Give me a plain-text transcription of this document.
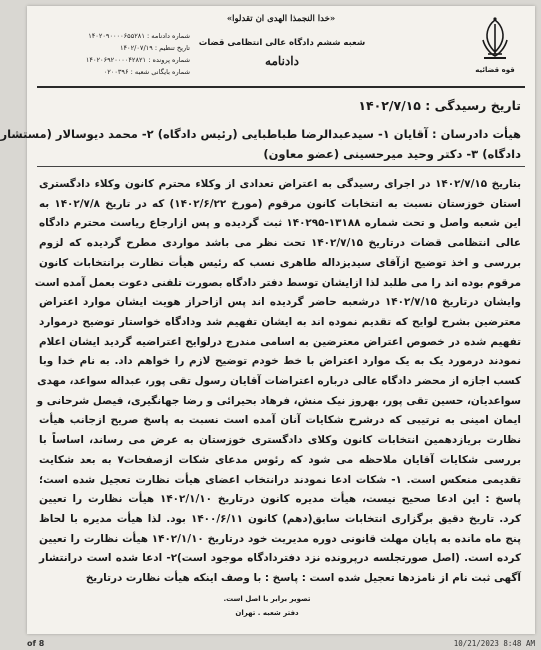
«خدا النجمذا الهدی ان تقدلوا»
قوه قضائیه
شعبه ششم دادگاه عالی انتظامی قضات
دادنامه
شماره دادنامه : ۱۴۰۲۰۹۰۰۰۰۶۵۵۲۸۱
تاریخ تنظیم : ۱۴۰۲/۰۷/۱۹
شماره پرونده : ۱۴۰۲۰۶۹۲۰۰۰۰۴۲۸۲۱
شماره بایگانی شعبه : ۰۲۰۰۳۹۶
تاریخ رسیدگی : ۱۴۰۲/۷/۱۵
هیأت دادرسان : آقایان ۱- سیدعبدالرضا طباطبایی (رئیس دادگاه) ۲- محمد دیوسالار (مستشار
دادگاه) ۳- دکتر وحید میرحسینی (عضو معاون)
بتاریخ ۱۴۰۲/۷/۱۵ در اجرای رسیدگی به اعتراض تعدادی از وکلاء محترم کانون وکلاء دادگستری
استان خوزستان نسبت به انتخابات کانون مرقوم (مورخ ۱۴۰۲/۶/۲۲) که در تاریخ ۱۴۰۲/۷/۸ به
این شعبه واصل و تحت شماره ۱۳۱۸۸-۱۴۰۲۹۵ ثبت گردیده و پس ازارجاع ریاست محترم دادگاه
عالی انتظامی قضات درتاریخ ۱۴۰۲/۷/۱۵ تحت نظر می باشد مواردی مطرح گردیده که لزوم
بررسی و اخذ توضیح ازآقای سیدیزداله طاهری نسب که رئیس هیأت نظارت برانتخابات کانون
مرقوم بوده اند را می طلبد لذا ازایشان توسط دفتر دادگاه بصورت تلفنی دعوت بعمل آمده است
وایشان درتاریخ ۱۴۰۲/۷/۱۵ درشعبه حاضر گردیده اند پس ازاحراز هویت ایشان موارد اعتراض
معترضین بشرح لوایح که تقدیم نموده اند به ایشان تفهیم شد ودادگاه خواستار توضیح درموارد
تفهیم شده در خصوص اعتراض معترضین به اسامی مندرج درلوایح اعتراضیه گردید ایشان اعلام
نمودند درمورد یک به یک موارد اعتراض با خط خودم توضیح لازم را خواهم داد. به نام خدا وبا
کسب اجازه از محضر دادگاه عالی درباره اعتراضات آقایان رسول تقی پور، عبداله سواعد، مهدی
سواعدیان، حسین تقی پور، بهروز نیک منش، فرهاد بحیرائی و رضا جهانگیری، فیصل شرحانی و
ایمان امینی به ترتیبی که درشرح شکایات آنان آمده است نسبت به پاسخ صریح ازجانب هیأت
نظارت بریازدهمین انتخابات کانون وکلای دادگستری خوزستان به عرض می رساند، اساساً با
بررسی شکایات آقایان ملاحظه می شود که رئوس مدعای شکات ازصفحات۷ به بعد شکایت
تقدیمی منعکس است. ۱- شکات ادعا نمودند درانتخاب اعضای هیأت نظارت تعجیل شده است؛
پاسخ : این ادعا صحیح نیست، هیأت مدیره کانون درتاریخ ۱۴۰۲/۱/۱۰ هیأت نظارت را تعیین
کرد. تاریخ دقیق برگزاری انتخابات سابق(دهم) کانون ۱۴۰۰/۶/۱۱ بود. لذا هیأت مدیره با لحاظ
پنج ماه مانده به پایان مهلت قانونی دوره مدیریت خود درتاریخ ۱۴۰۲/۱/۱۰ هیأت نظارت را تعیین
کرده است. (اصل صورتجلسه درپرونده نزد دفتردادگاه موجود است)۲- ادعا شده است درانتشار
آگهی ثبت نام از نامزدها تعجیل شده است : پاسخ : با وصف اینکه هیأت نظارت درتاریخ
تصویر برابر با اصل است.
دفتر شعبه . تهران
of 8	10/21/2023 8:48 AM
